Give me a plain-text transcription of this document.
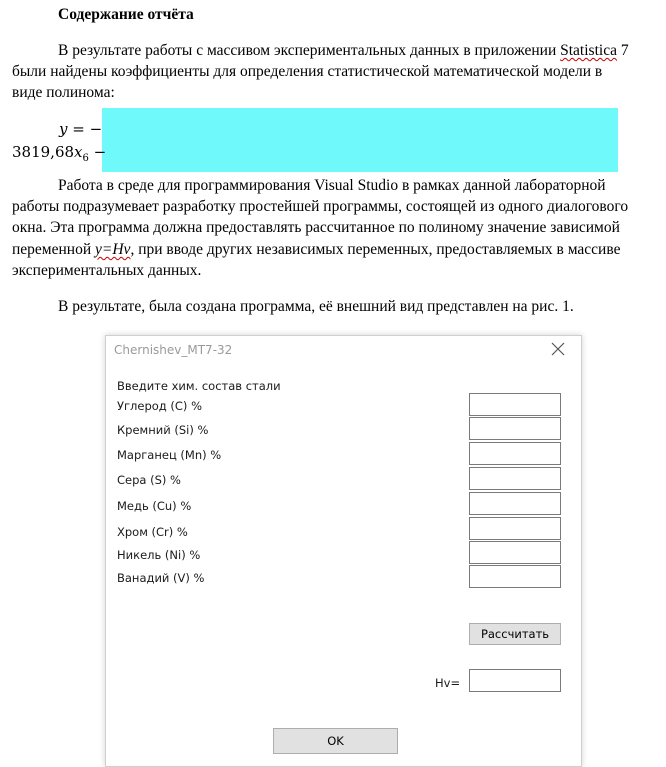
Содержание отчёта
В результате работы с массивом экспериментальных данных в приложении Statistica 7
были найдены коэффициенты для определения статистической математической модели в
виде полинома:
y = −
$3819,68x_6$ −
Работа в среде для программирования Visual Studio в рамках данной лабораторной
работы подразумевает разработку простейшей программы, состоящей из одного диалогового
окна. Эта программа должна предоставлять рассчитанное по полиному значение зависимой
переменной y=Hv, при вводе других независимых переменных, предоставляемых в массиве
экспериментальных данных.
В результате, была создана программа, её внешний вид представлен на рис. 1.
Chernishev_MT7-32
Введите хим. состав стали
Углерод (С) %
Кремний (Si) %
Марганец (Mn) %
Сера (S) %
Медь (Cu) %
Хром (Cr) %
Никель (Ni) %
Ванадий (V) %
Рассчитать
Hv=
OK
